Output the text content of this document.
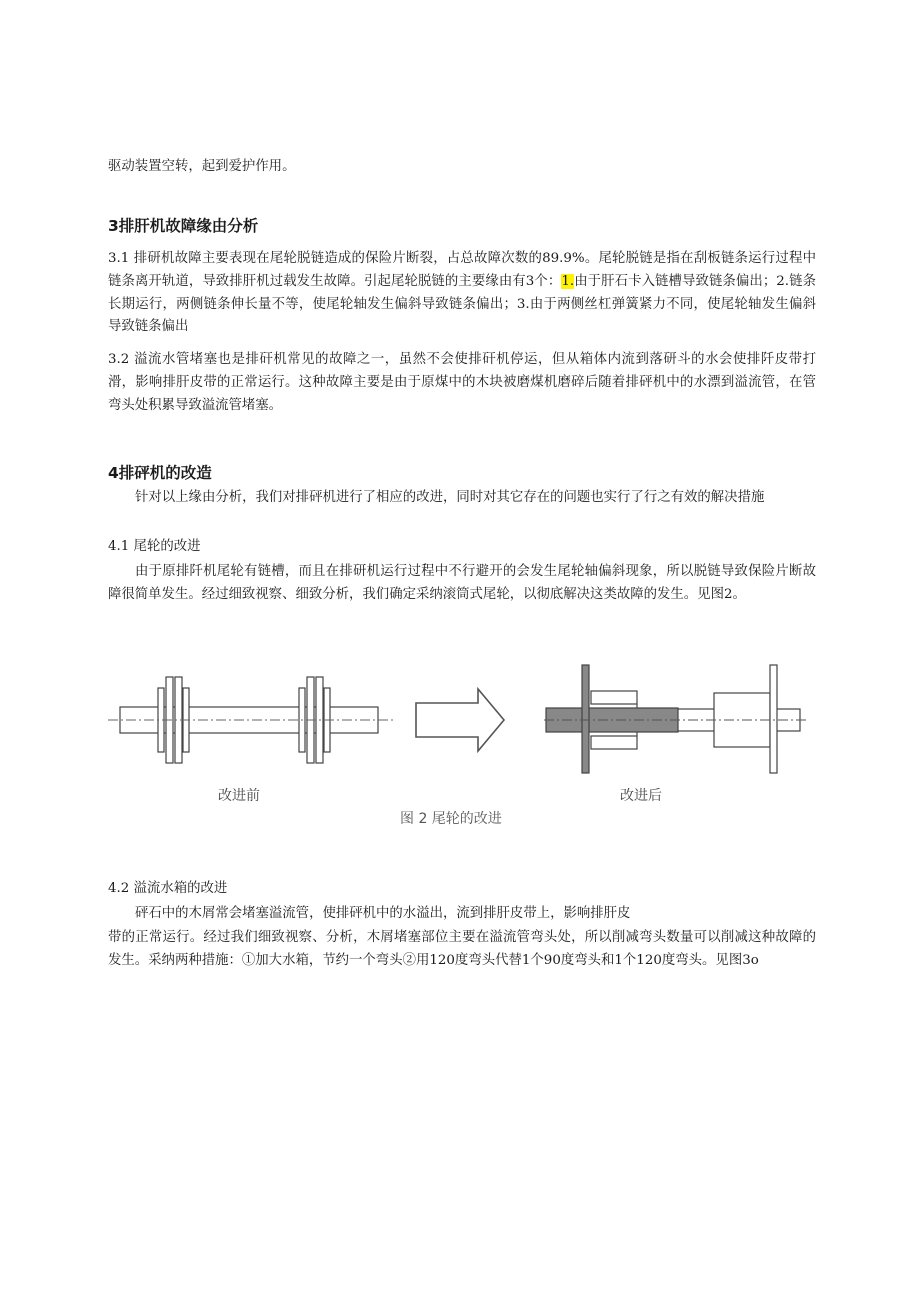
驱动装置空转，起到爱护作用。

3排肝机故障缘由分析

3.1 排研机故障主要表现在尾轮脱链造成的保险片断裂，占总故障次数的89.9%。尾轮脱链是指在刮板链条运行过程中链条离开轨道，导致排肝机过载发生故障。引起尾轮脱链的主要缘由有3个：1.由于肝石卡入链槽导致链条偏出；2.链条长期运行，两侧链条伸长量不等，使尾轮轴发生偏斜导致链条偏出；3.由于两侧丝杠弹簧紧力不同，使尾轮轴发生偏斜导致链条偏出

3.2 溢流水管堵塞也是排矸机常见的故障之一，虽然不会使排矸机停运，但从箱体内流到落研斗的水会使排阡皮带打滑，影响排肝皮带的正常运行。这种故障主要是由于原煤中的木块被磨煤机磨碎后随着排砰机中的水漂到溢流管，在管弯头处积累导致溢流管堵塞。

4排砰机的改造

针对以上缘由分析，我们对排砰机进行了相应的改进，同时对其它存在的问题也实行了行之有效的解决措施

4.1 尾轮的改进

由于原排阡机尾轮有链槽，而且在排研机运行过程中不行避开的会发生尾轮轴偏斜现象，所以脱链导致保险片断故障很简单发生。经过细致视察、细致分析，我们确定采纳滚筒式尾轮，以彻底解决这类故障的发生。见图2。

改进前	改进后
图 2 尾轮的改进

4.2 溢流水箱的改进

砰石中的木屑常会堵塞溢流管，使排砰机中的水溢出，流到排肝皮带上，影响排肝皮

带的正常运行。经过我们细致视察、分析，木屑堵塞部位主要在溢流管弯头处，所以削减弯头数量可以削减这种故障的发生。采纳两种措施：①加大水箱，节约一个弯头②用120度弯头代替1个90度弯头和1个120度弯头。见图3o
